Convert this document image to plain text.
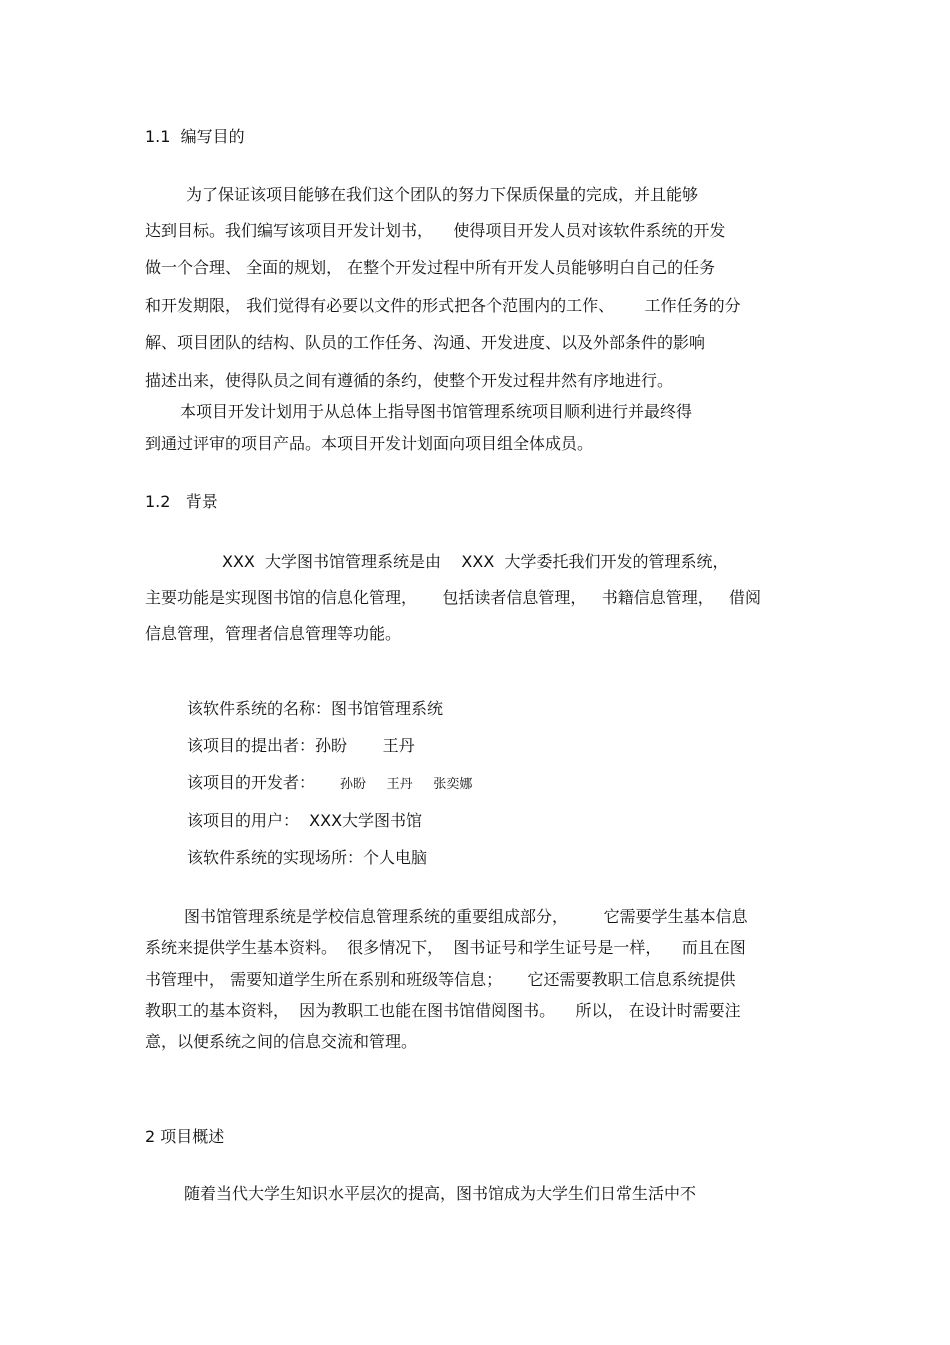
1.1  编写目的
为了保证该项目能够在我们这个团队的努力下保质保量的完成，并且能够
达到目标。我们编写该项目开发计划书，    使得项目开发人员对该软件系统的开发
做一个合理、 全面的规划， 在整个开发过程中所有开发人员能够明白自己的任务
和开发期限， 我们觉得有必要以文件的形式把各个范围内的工作、      工作任务的分
解、项目团队的结构、队员的工作任务、沟通、开发进度、以及外部条件的影响
描述出来，使得队员之间有遵循的条约，使整个开发过程井然有序地进行。
本项目开发计划用于从总体上指导图书馆管理系统项目顺利进行并最终得
到通过评审的项目产品。本项目开发计划面向项目组全体成员。
1.2   背景
XXX  大学图书馆管理系统是由    XXX  大学委托我们开发的管理系统，
主要功能是实现图书馆的信息化管理，     包括读者信息管理，   书籍信息管理，   借阅
信息管理，管理者信息管理等功能。
该软件系统的名称：图书馆管理系统
该项目的提出者：孙盼       王丹
该项目的开发者： 孙盼     王丹     张奕娜
该项目的用户：  XXX大学图书馆
该软件系统的实现场所：个人电脑
图书馆管理系统是学校信息管理系统的重要组成部分，       它需要学生基本信息
系统来提供学生基本资料。  很多情况下，  图书证号和学生证号是一样，    而且在图
书管理中， 需要知道学生所在系别和班级等信息；     它还需要教职工信息系统提供
教职工的基本资料，  因为教职工也能在图书馆借阅图书。    所以， 在设计时需要注
意，以便系统之间的信息交流和管理。
2 项目概述
随着当代大学生知识水平层次的提高，图书馆成为大学生们日常生活中不
